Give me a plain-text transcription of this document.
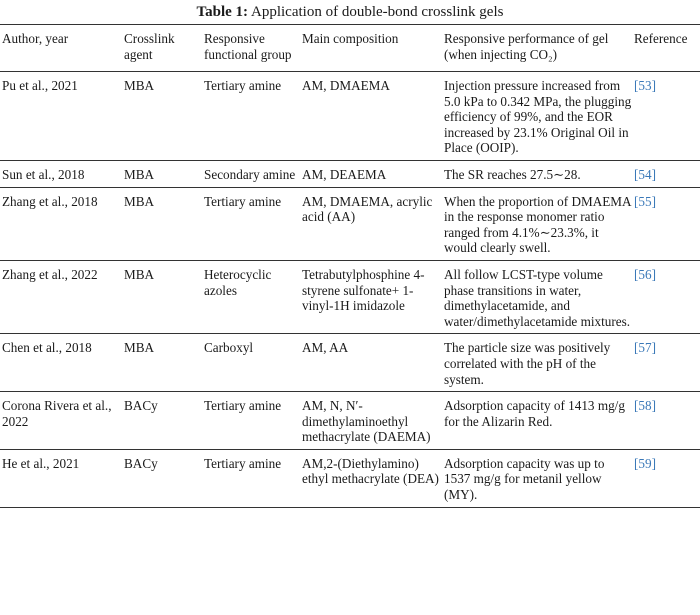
Table 1: Application of double-bond crosslink gels
Author, year	Crosslink agent	Responsive functional group	Main composition	Responsive performance of gel (when injecting CO₂)	Reference
Pu et al., 2021	MBA	Tertiary amine	AM, DMAEMA	Injection pressure increased from 5.0 kPa to 0.342 MPa, the plugging efficiency of 99%, and the EOR increased by 23.1% Original Oil in Place (OOIP).	[53]
Sun et al., 2018	MBA	Secondary amine	AM, DEAEMA	The SR reaches 27.5∼28.	[54]
Zhang et al., 2018	MBA	Tertiary amine	AM, DMAEMA, acrylic acid (AA)	When the proportion of DMAEMA in the response monomer ratio ranged from 4.1%∼23.3%, it would clearly swell.	[55]
Zhang et al., 2022	MBA	Heterocyclic azoles	Tetrabutylphosphine 4-styrene sulfonate+ 1-vinyl-1H imidazole	All follow LCST-type volume phase transitions in water, dimethylacetamide, and water/dimethylacetamide mixtures.	[56]
Chen et al., 2018	MBA	Carboxyl	AM, AA	The particle size was positively correlated with the pH of the system.	[57]
Corona Rivera et al., 2022	BACy	Tertiary amine	AM, N, N′-dimethylaminoethyl methacrylate (DAEMA)	Adsorption capacity of 1413 mg/g for the Alizarin Red.	[58]
He et al., 2021	BACy	Tertiary amine	AM,2-(Diethylamino) ethyl methacrylate (DEA)	Adsorption capacity was up to 1537 mg/g for metanil yellow (MY).	[59]
